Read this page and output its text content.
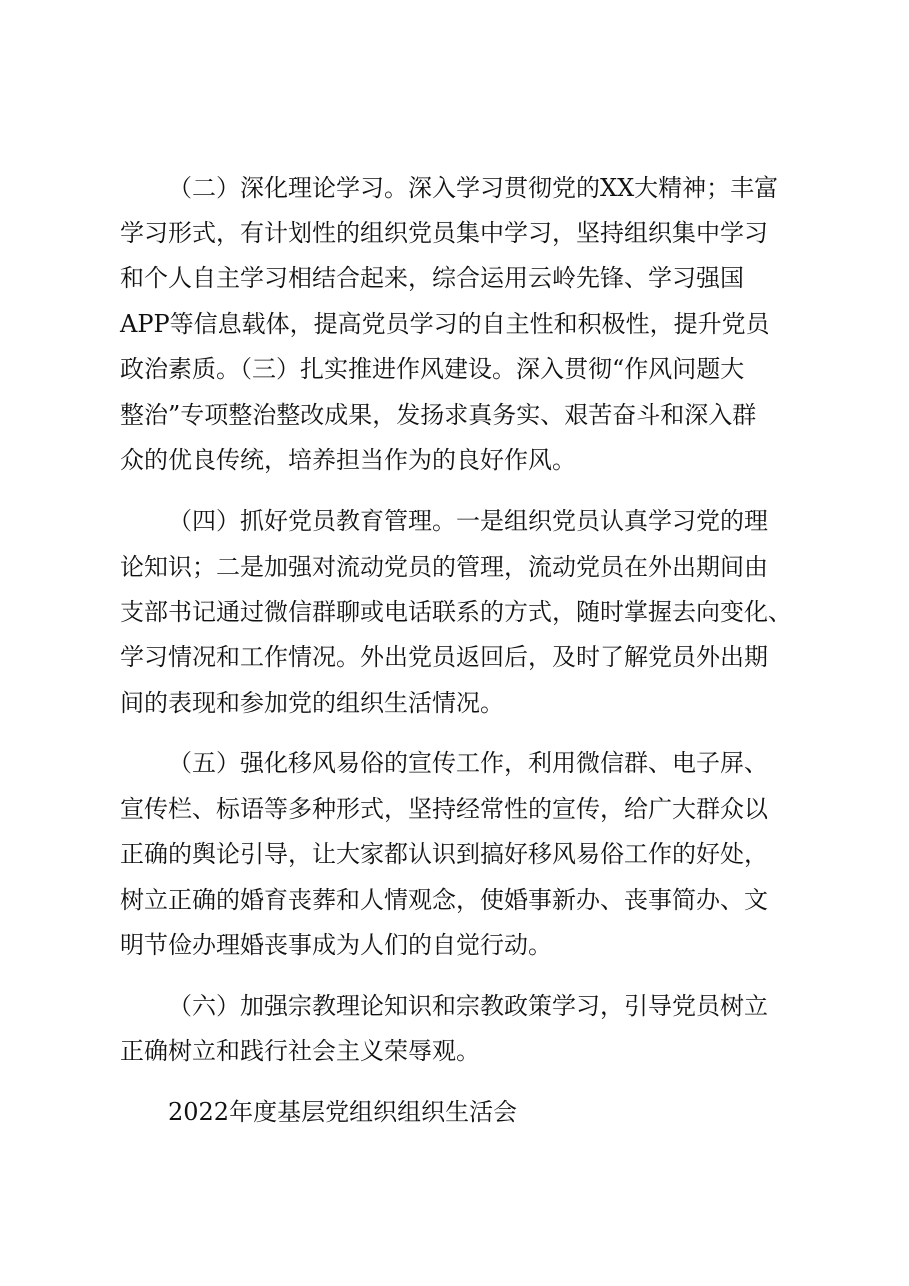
（二）深化理论学习。深入学习贯彻党的XX大精神；丰富
学习形式，有计划性的组织党员集中学习，坚持组织集中学习
和个人自主学习相结合起来，综合运用云岭先锋、学习强国
APP等信息载体，提高党员学习的自主性和积极性，提升党员
政治素质。（三）扎实推进作风建设。深入贯彻“作风问题大
整治”专项整治整改成果，发扬求真务实、艰苦奋斗和深入群
众的优良传统，培养担当作为的良好作风。
（四）抓好党员教育管理。一是组织党员认真学习党的理
论知识；二是加强对流动党员的管理，流动党员在外出期间由
支部书记通过微信群聊或电话联系的方式，随时掌握去向变化、
学习情况和工作情况。外出党员返回后，及时了解党员外出期
间的表现和参加党的组织生活情况。
（五）强化移风易俗的宣传工作，利用微信群、电子屏、
宣传栏、标语等多种形式，坚持经常性的宣传，给广大群众以
正确的舆论引导，让大家都认识到搞好移风易俗工作的好处，
树立正确的婚育丧葬和人情观念，使婚事新办、丧事简办、文
明节俭办理婚丧事成为人们的自觉行动。
（六）加强宗教理论知识和宗教政策学习，引导党员树立
正确树立和践行社会主义荣辱观。
2022年度基层党组织组织生活会
